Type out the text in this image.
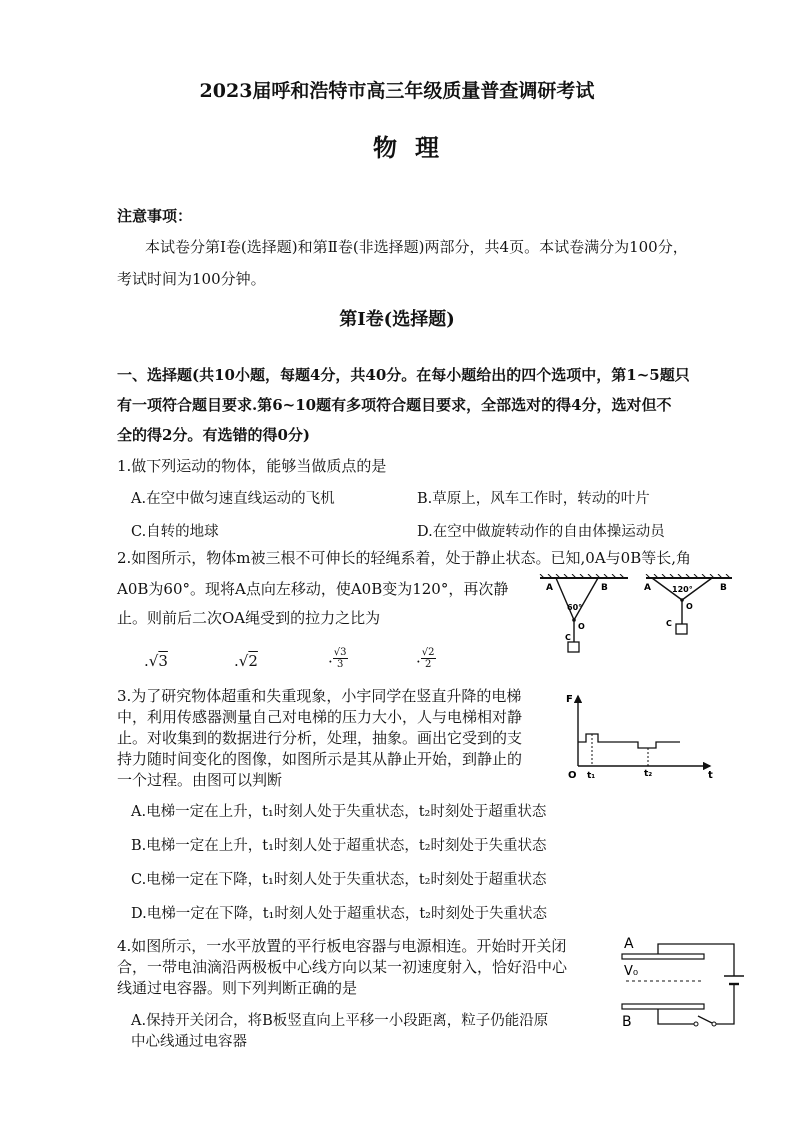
2023届呼和浩特市高三年级质量普查调研考试
物理
注意事项：
本试卷分第Ⅰ卷(选择题)和第Ⅱ卷(非选择题)两部分，共4页。本试卷满分为100分，
考试时间为100分钟。
第Ⅰ卷(选择题)
一、选择题(共10小题，每题4分，共40分。在每小题给出的四个选项中，第1~5题只
有一项符合题目要求.第6~10题有多项符合题目要求，全部选对的得4分，选对但不
全的得2分。有选错的得0分)
1.做下列运动的物体，能够当做质点的是
A.在空中做匀速直线运动的飞机	B.草原上，风车工作时，转动的叶片
C.自转的地球	D.在空中做旋转动作的自由体操运动员
2.如图所示，物体m被三根不可伸长的轻绳系着，处于静止状态。已知,0A与0B等长,角
A0B为60°。现将A点向左移动，使A0B变为120°，再次静
止。则前后二次OA绳受到的拉力之比为
.√3	.√2	. $\frac{√3}{3}$	. $\frac{√2}{2}$
A	B
60°
O
C
A	B
120°
O
C
3.为了研究物体超重和失重现象，小宇同学在竖直升降的电梯
中，利用传感器测量自己对电梯的压力大小，人与电梯相对静
止。对收集到的数据进行分析，处理，抽象。画出它受到的支
持力随时间变化的图像，如图所示是其从静止开始，到静止的
一个过程。由图可以判断
F
t
O t₁	t₂
A.电梯一定在上升，t₁时刻人处于失重状态，t₂时刻处于超重状态
B.电梯一定在上升，t₁时刻人处于超重状态，t₂时刻处于失重状态
C.电梯一定在下降，t₁时刻人处于失重状态，t₂时刻处于超重状态
D.电梯一定在下降，t₁时刻人处于超重状态，t₂时刻处于失重状态
4.如图所示，一水平放置的平行板电容器与电源相连。开始时开关闭
合，一带电油滴沿两极板中心线方向以某一初速度射入，恰好沿中心
线通过电容器。则下列判断正确的是
A.保持开关闭合，将B板竖直向上平移一小段距离，粒子仍能沿原
中心线通过电容器
A
B
V₀
